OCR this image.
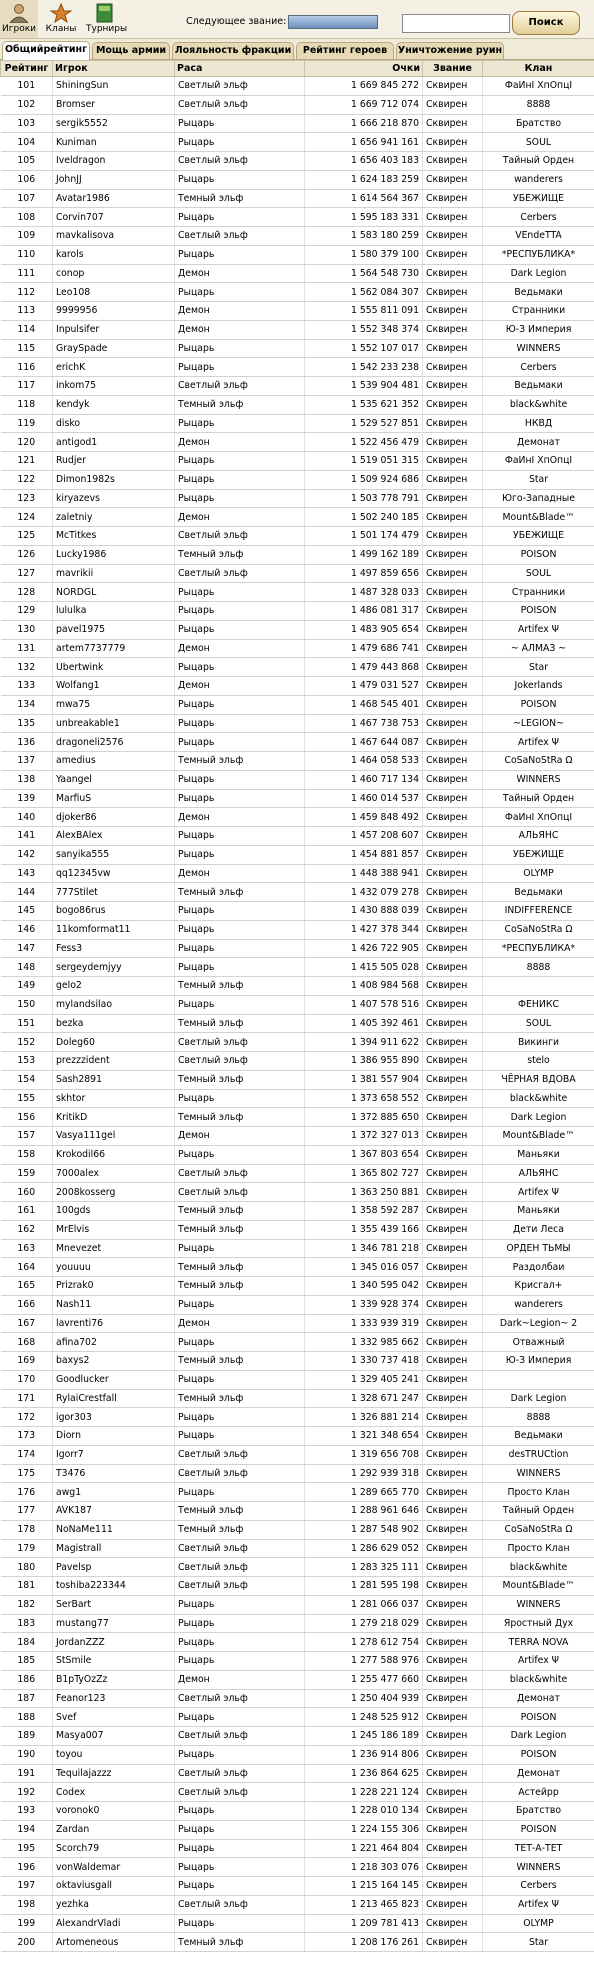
Игроки	Кланы	Турниры
Следующее звание:	Поиск
Общийрейтинг Мощь армии Лояльность фракции	Рейтинг героев	Уничтожение руин
Рейтинг	Игрок	Раса	Очки	Звание	Клан
101	ShiningSun	Светлый эльф	1 669 845 272	Сквирен	ФаИнI ХпОпцI
102	Bromser	Светлый эльф	1 669 712 074	Сквирен	8888
103	sergik5552	Рыцарь	1 666 218 870	Сквирен	Братство
104	Kuniman	Рыцарь	1 656 941 161	Сквирен	SOUL
105	Iveldragon	Светлый эльф	1 656 403 183	Сквирен	Тайный Орден
106	JohnJJ	Рыцарь	1 624 183 259	Сквирен	wanderers
107	Avatar1986	Темный эльф	1 614 564 367	Сквирен	УБЕЖИЩЕ
108	Corvin707	Рыцарь	1 595 183 331	Сквирен	Cerbers
109	mavkalisova	Светлый эльф	1 583 180 259	Сквирен	VEndeTTA
110	karols	Рыцарь	1 580 379 100	Сквирен	*РЕСПУБЛИКА*
111	conop	Демон	1 564 548 730	Сквирен	Dark Legion
112	Leo108	Рыцарь	1 562 084 307	Сквирен	Ведьмаки
113	9999956	Демон	1 555 811 091	Сквирен	Странники
114	Inpulsifer	Демон	1 552 348 374	Сквирен	Ю-З Империя
115	GraySpade	Рыцарь	1 552 107 017	Сквирен	WINNERS
116	erichK	Рыцарь	1 542 233 238	Сквирен	Cerbers
117	inkom75	Светлый эльф	1 539 904 481	Сквирен	Ведьмаки
118	kendyk	Темный эльф	1 535 621 352	Сквирен	black&white
119	disko	Рыцарь	1 529 527 851	Сквирен	НКВД
120	antigod1	Демон	1 522 456 479	Сквирен	Демонат
121	Rudjer	Рыцарь	1 519 051 315	Сквирен	ФаИнI ХпОпцI
122	Dimon1982s	Рыцарь	1 509 924 686	Сквирен	Star
123	kiryazevs	Рыцарь	1 503 778 791	Сквирен	Юго-Западные
124	zaletniy	Демон	1 502 240 185	Сквирен	Mount&Blade™
125	McTitkes	Светлый эльф	1 501 174 479	Сквирен	УБЕЖИЩЕ
126	Lucky1986	Темный эльф	1 499 162 189	Сквирен	POISON
127	mavrikii	Светлый эльф	1 497 859 656	Сквирен	SOUL
128	NORDGL	Рыцарь	1 487 328 033	Сквирен	Странники
129	lululka	Рыцарь	1 486 081 317	Сквирен	POISON
130	pavel1975	Рыцарь	1 483 905 654	Сквирен	Artifex Ψ
131	artem7737779	Демон	1 479 686 741	Сквирен	~ АЛМАЗ ~
132	Ubertwink	Рыцарь	1 479 443 868	Сквирен	Star
133	Wolfang1	Демон	1 479 031 527	Сквирен	Jokerlands
134	mwa75	Рыцарь	1 468 545 401	Сквирен	POISON
135	unbreakable1	Рыцарь	1 467 738 753	Сквирен	~LEGION~
136	dragoneli2576	Рыцарь	1 467 644 087	Сквирен	Artifex Ψ
137	amedius	Темный эльф	1 464 058 533	Сквирен	CoSaNoStRa Ω
138	Yaangel	Рыцарь	1 460 717 134	Сквирен	WINNERS
139	MarfiuS	Рыцарь	1 460 014 537	Сквирен	Тайный Орден
140	djoker86	Демон	1 459 848 492	Сквирен	ФаИнI ХпОпцI
141	AlexBAlex	Рыцарь	1 457 208 607	Сквирен	АЛЬЯНС
142	sanyika555	Рыцарь	1 454 881 857	Сквирен	УБЕЖИЩЕ
143	qq12345vw	Демон	1 448 388 941	Сквирен	OLYMP
144	777Stilet	Темный эльф	1 432 079 278	Сквирен	Ведьмаки
145	bogo86rus	Рыцарь	1 430 888 039	Сквирен	INDIFFERENCE
146	11komformat11	Рыцарь	1 427 378 344	Сквирен	CoSaNoStRa Ω
147	Fess3	Рыцарь	1 426 722 905	Сквирен	*РЕСПУБЛИКА*
148	sergeydemjyy	Рыцарь	1 415 505 028	Сквирен	8888
149	gelo2	Темный эльф	1 408 984 568	Сквирен	
150	mylandsilao	Рыцарь	1 407 578 516	Сквирен	ФЕНИКС
151	bezka	Темный эльф	1 405 392 461	Сквирен	SOUL
152	Doleg60	Светлый эльф	1 394 911 622	Сквирен	Викинги
153	prezzzident	Светлый эльф	1 386 955 890	Сквирен	stelo
154	Sash2891	Темный эльф	1 381 557 904	Сквирен	ЧЁРНАЯ ВДОВА
155	skhtor	Рыцарь	1 373 658 552	Сквирен	black&white
156	KritikD	Темный эльф	1 372 885 650	Сквирен	Dark Legion
157	Vasya111gel	Демон	1 372 327 013	Сквирен	Mount&Blade™
158	Krokodil66	Рыцарь	1 367 803 654	Сквирен	Маньяки
159	7000alex	Светлый эльф	1 365 802 727	Сквирен	АЛЬЯНС
160	2008kosserg	Светлый эльф	1 363 250 881	Сквирен	Artifex Ψ
161	100gds	Темный эльф	1 358 592 287	Сквирен	Маньяки
162	MrElvis	Темный эльф	1 355 439 166	Сквирен	Дети Леса
163	Mnevezet	Рыцарь	1 346 781 218	Сквирен	ОРДЕН ТЬМЫ
164	youuuu	Темный эльф	1 345 016 057	Сквирен	Раздолбаи
165	Prizrak0	Темный эльф	1 340 595 042	Сквирен	Крисгал+
166	Nash11	Рыцарь	1 339 928 374	Сквирен	wanderers
167	lavrenti76	Демон	1 333 939 319	Сквирен	Dark~Legion~ 2
168	afina702	Рыцарь	1 332 985 662	Сквирен	Отважный
169	baxys2	Темный эльф	1 330 737 418	Сквирен	Ю-З Империя
170	Goodlucker	Рыцарь	1 329 405 241	Сквирен	
171	RylaiCrestfall	Темный эльф	1 328 671 247	Сквирен	Dark Legion
172	igor303	Рыцарь	1 326 881 214	Сквирен	8888
173	Diorn	Рыцарь	1 321 348 654	Сквирен	Ведьмаки
174	Igorr7	Светлый эльф	1 319 656 708	Сквирен	desTRUCtion
175	T3476	Светлый эльф	1 292 939 318	Сквирен	WINNERS
176	awg1	Рыцарь	1 289 665 770	Сквирен	Просто Клан
177	AVK187	Темный эльф	1 288 961 646	Сквирен	Тайный Орден
178	NoNaMe111	Темный эльф	1 287 548 902	Сквирен	CoSaNoStRa Ω
179	Magistrall	Светлый эльф	1 286 629 052	Сквирен	Просто Клан
180	Pavelsp	Светлый эльф	1 283 325 111	Сквирен	black&white
181	toshiba223344	Светлый эльф	1 281 595 198	Сквирен	Mount&Blade™
182	SerBart	Рыцарь	1 281 066 037	Сквирен	WINNERS
183	mustang77	Рыцарь	1 279 218 029	Сквирен	Яростный Дух
184	JordanZZZ	Рыцарь	1 278 612 754	Сквирен	TERRA NOVA
185	StSmile	Рыцарь	1 277 588 976	Сквирен	Artifex Ψ
186	B1pTyOzZz	Демон	1 255 477 660	Сквирен	black&white
187	Feanor123	Светлый эльф	1 250 404 939	Сквирен	Демонат
188	Svef	Рыцарь	1 248 525 912	Сквирен	POISON
189	Masya007	Светлый эльф	1 245 186 189	Сквирен	Dark Legion
190	toyou	Рыцарь	1 236 914 806	Сквирен	POISON
191	Tequilajazzz	Светлый эльф	1 236 864 625	Сквирен	Демонат
192	Codex	Светлый эльф	1 228 221 124	Сквирен	Астейрр
193	voronok0	Рыцарь	1 228 010 134	Сквирен	Братство
194	Zardan	Рыцарь	1 224 155 306	Сквирен	POISON
195	Scorch79	Рыцарь	1 221 464 804	Сквирен	ТЕТ-А-ТЕТ
196	vonWaldemar	Рыцарь	1 218 303 076	Сквирен	WINNERS
197	oktaviusgall	Рыцарь	1 215 164 145	Сквирен	Cerbers
198	yezhka	Светлый эльф	1 213 465 823	Сквирен	Artifex Ψ
199	AlexandrVladi	Рыцарь	1 209 781 413	Сквирен	OLYMP
200	Artomeneous	Темный эльф	1 208 176 261	Сквирен	Star
